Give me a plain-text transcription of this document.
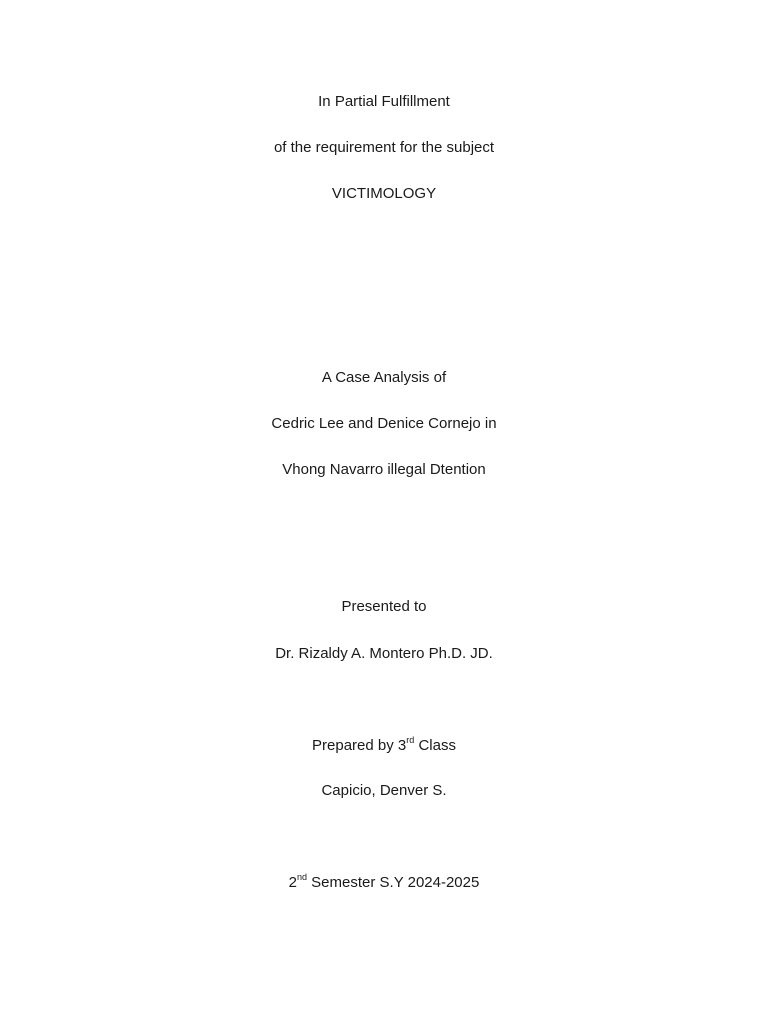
In Partial Fulfillment
of the requirement for the subject
VICTIMOLOGY
A Case Analysis of
Cedric Lee and Denice Cornejo in
Vhong Navarro illegal Dtention
Presented to
Dr. Rizaldy A. Montero Ph.D. JD.
Prepared by 3rd Class
Capicio, Denver S.
2nd Semester S.Y 2024-2025
